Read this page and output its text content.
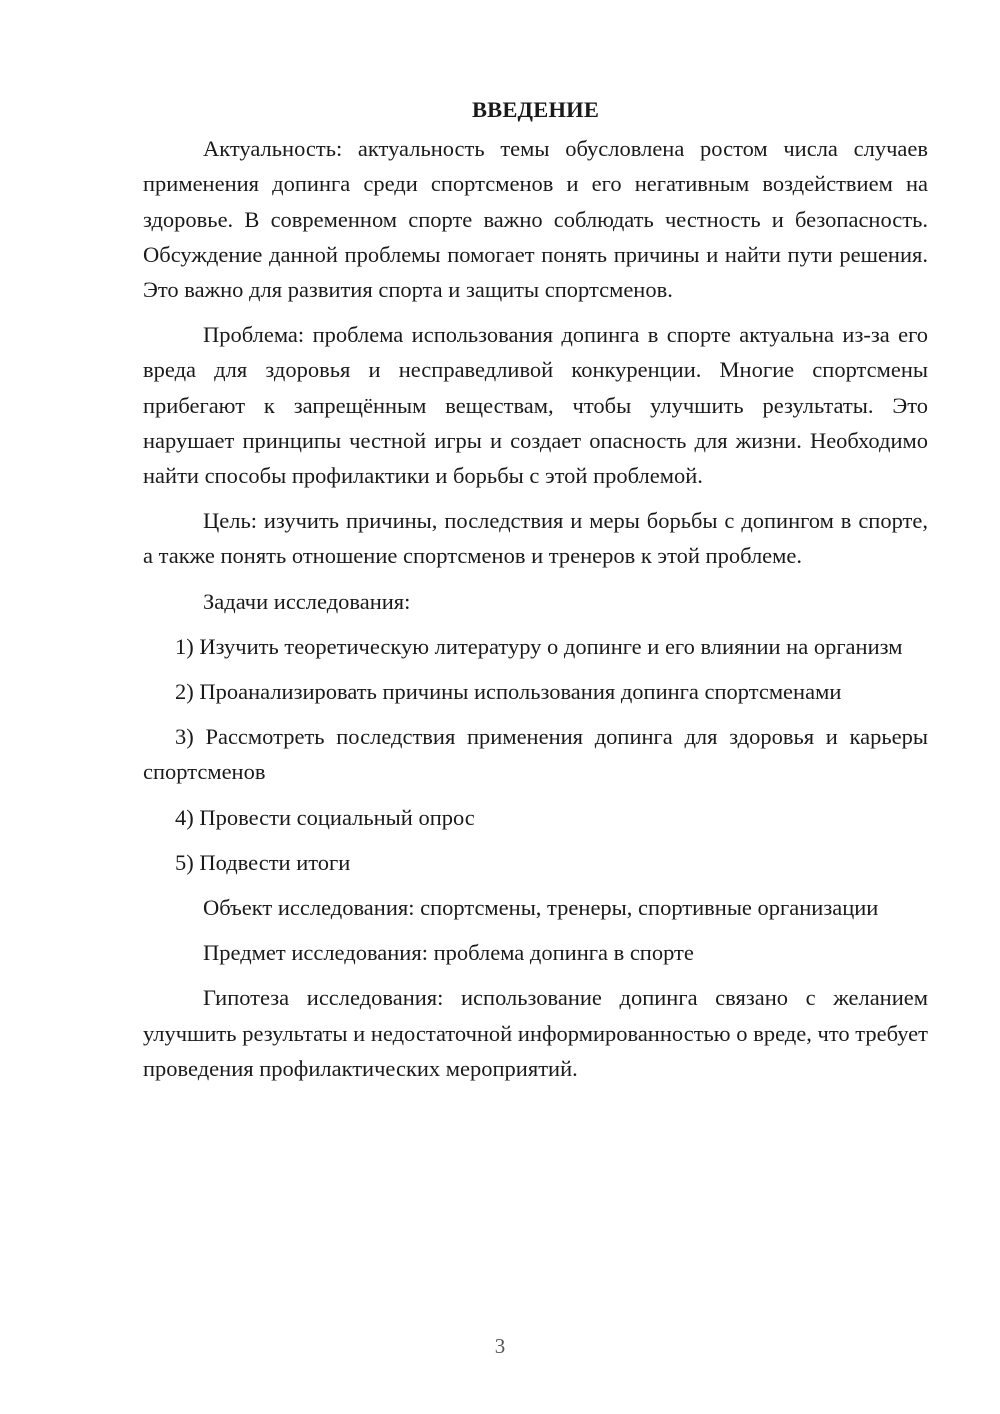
ВВЕДЕНИЕ

Актуальность: актуальность темы обусловлена ростом числа случаев применения допинга среди спортсменов и его негативным воздействием на здоровье. В современном спорте важно соблюдать честность и безопасность. Обсуждение данной проблемы помогает понять причины и найти пути решения. Это важно для развития спорта и защиты спортсменов.

Проблема: проблема использования допинга в спорте актуальна из-за его вреда для здоровья и несправедливой конкуренции. Многие спортсмены прибегают к запрещённым веществам, чтобы улучшить результаты. Это нарушает принципы честной игры и создает опасность для жизни. Необходимо найти способы профилактики и борьбы с этой проблемой.

Цель: изучить причины, последствия и меры борьбы с допингом в спорте, а также понять отношение спортсменов и тренеров к этой проблеме.

Задачи исследования:

1) Изучить теоретическую литературу о допинге и его влиянии на организм

2) Проанализировать причины использования допинга спортсменами

3) Рассмотреть последствия применения допинга для здоровья и карьеры спортсменов

4) Провести социальный опрос

5) Подвести итоги

Объект исследования: спортсмены, тренеры, спортивные организации

Предмет исследования: проблема допинга в спорте

Гипотеза исследования: использование допинга связано с желанием улучшить результаты и недостаточной информированностью о вреде, что требует проведения профилактических мероприятий.

3
